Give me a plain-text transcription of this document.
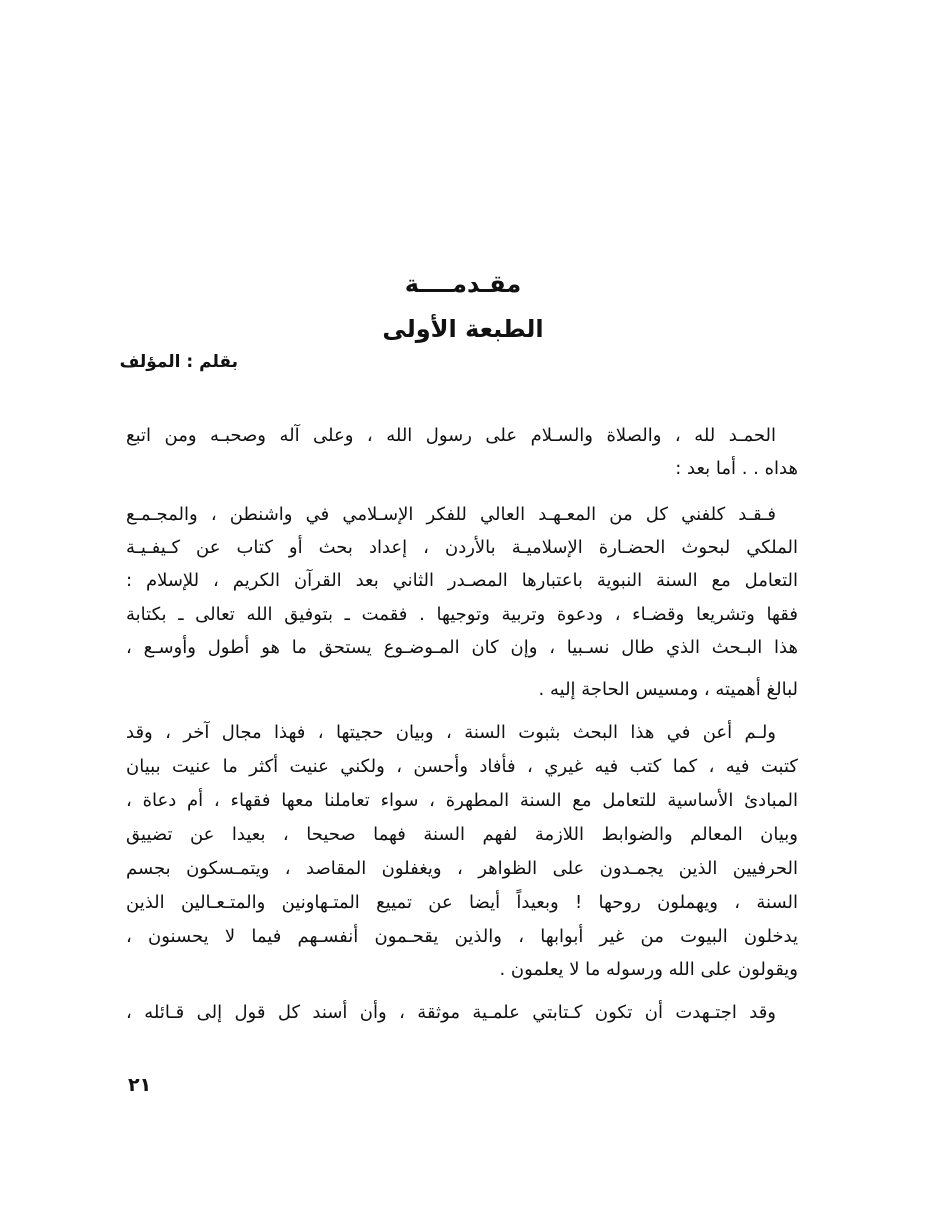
مقـدمــــة
الطبعة الأولى
بقلم : المؤلف
الحمـد لله ، والصلاة والسـلام على رسول الله ، وعلى آله وصحبـه ومن اتبع
هداه . . أما بعد :
فـقـد كلفني كل من المعـهـد العالي للفكر الإسـلامي في واشنطن ، والمجـمـع
الملكي لبحوث الحضـارة الإسلاميـة بالأردن ، إعداد بحث أو كتاب عن كـيفـيـة
التعامل مع السنة النبوية باعتبارها المصـدر الثاني بعد القرآن الكريم ، للإسلام :
فقها وتشريعا وقضـاء ، ودعوة وتربية وتوجيها . فقمت ـ بتوفيق الله تعالى ـ بكتابة
هذا البـحث الذي طال نسـبيا ، وإن كان المـوضـوع يستحق ما هو أطول وأوسـع ،
لبالغ أهميته ، ومسيس الحاجة إليه .
ولـم أعن في هذا البحث بثبوت السنة ، وبيان حجيتها ، فهذا مجال آخر ، وقد
كتبت فيه ، كما كتب فيه غيري ، فأفاد وأحسن ، ولكني عنيت أكثر ما عنيت ببيان
المبادئ الأساسية للتعامل مع السنة المطهرة ، سواء تعاملنا معها فقهاء ، أم دعاة ،
وبيان المعالم والضوابط اللازمة لفهم السنة فهما صحيحا ، بعيدا عن تضييق
الحرفيين الذين يجمـدون على الظواهر ، ويغفلون المقاصد ، ويتمـسكون بجسم
السنة ، ويهملون روحها ! وبعيداً أيضا عن تمييع المتـهاونين والمتـعـالين الذين
يدخلون البيوت من غير أبوابها ، والذين يقحـمون أنفسـهم فيما لا يحسنون ،
ويقولون على الله ورسوله ما لا يعلمون .
وقد اجتـهدت أن تكون كـتابتي علمـية موثقة ، وأن أسند كل قول إلى قـائله ،
٢١
